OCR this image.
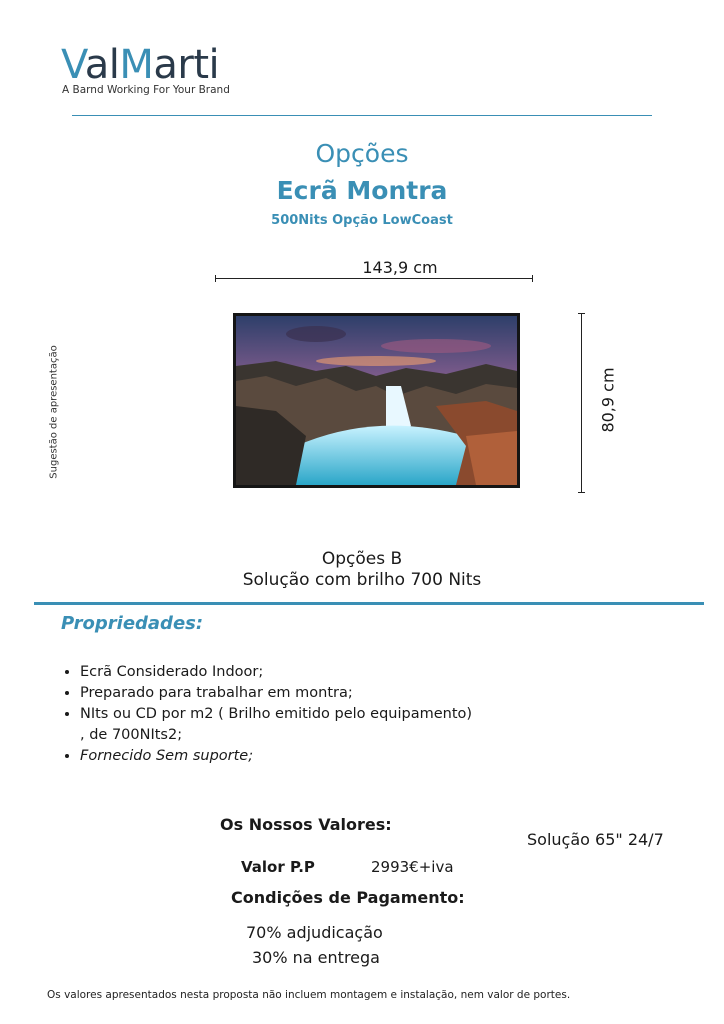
ValMarti
A Barnd Working For Your Brand
Opções
Ecrã Montra
500Nits Opção LowCoast
143,9 cm
80,9 cm
Sugestão de apresentação
Opções B
Solução com brilho 700 Nits
Propriedades:
• Ecrã Considerado Indoor;
• Preparado para trabalhar em montra;
• NIts ou CD por m2 ( Brilho emitido pelo equipamento) , de 700NIts2;
• Fornecido Sem suporte;
Os Nossos Valores:
Solução 65" 24/7
Valor P.P	2993€+iva
Condições de Pagamento:
70% adjudicação
30% na entrega
Os valores apresentados nesta proposta não incluem montagem e instalação, nem valor de portes.
